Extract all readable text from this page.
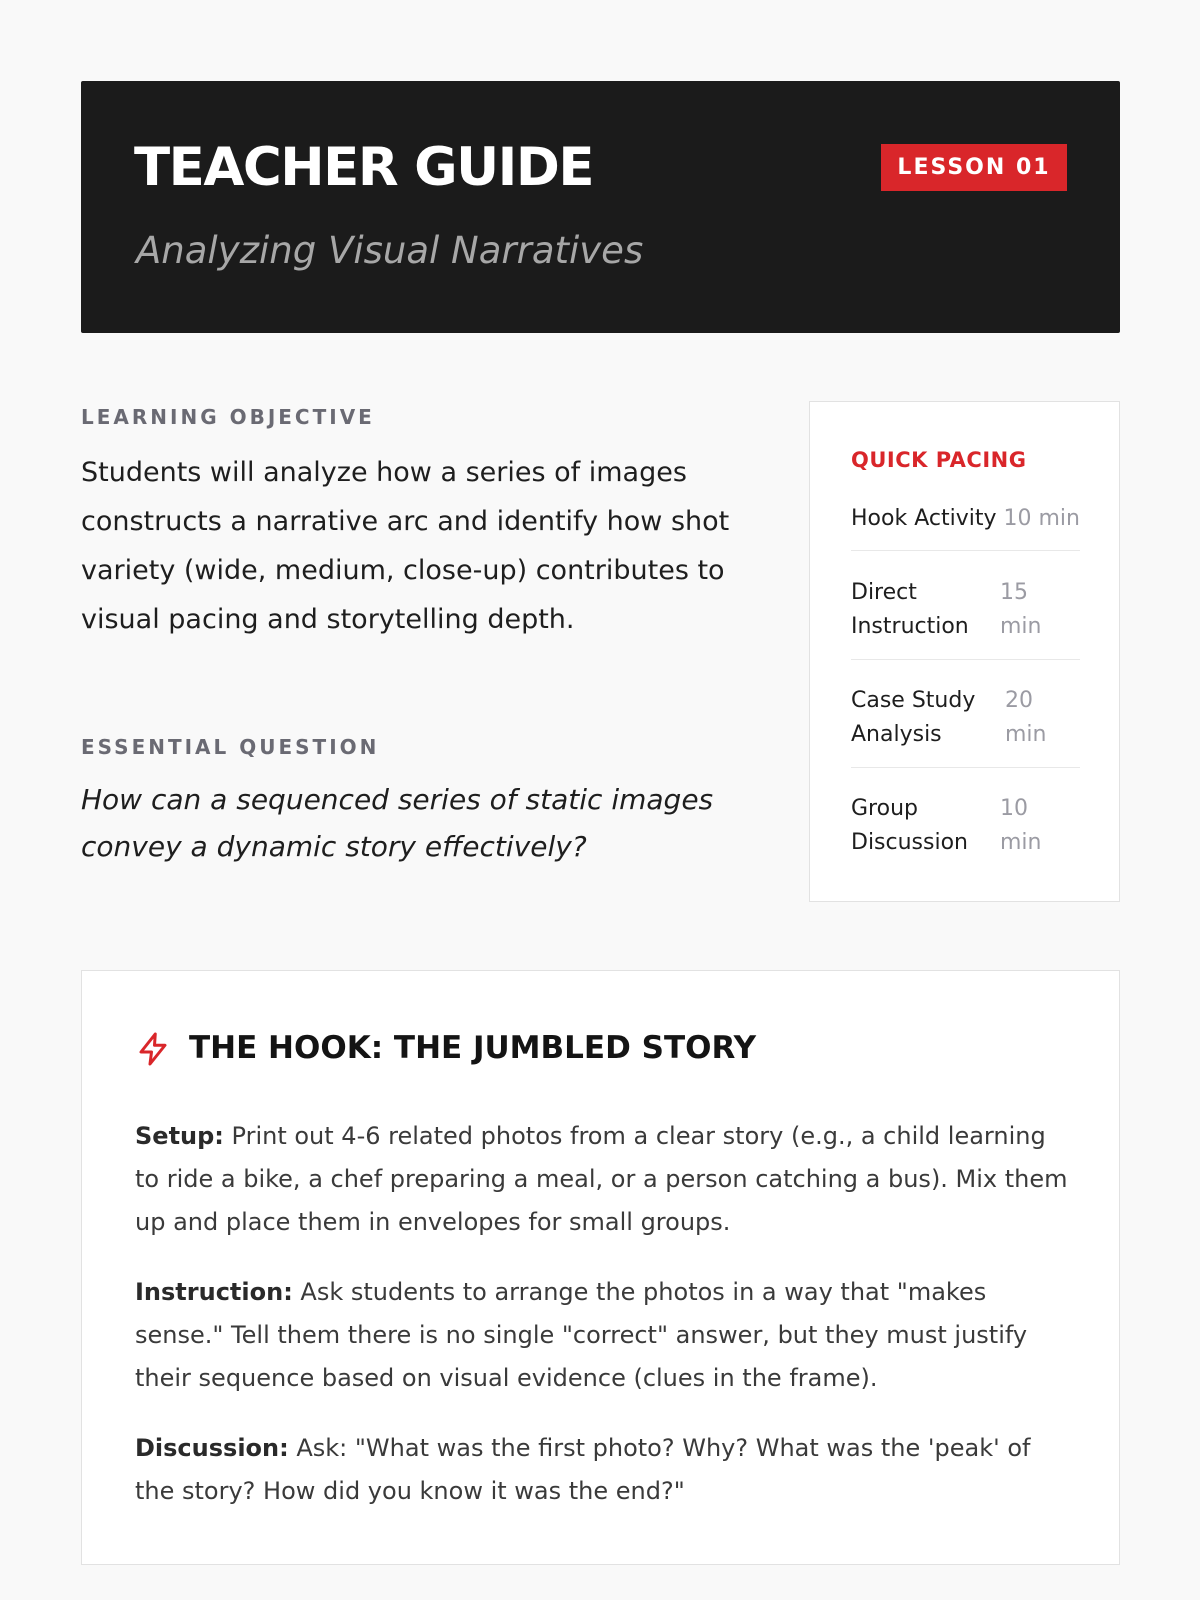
TEACHER GUIDE
Analyzing Visual Narratives
LESSON 01
LEARNING OBJECTIVE
Students will analyze how a series of images constructs a narrative arc and identify how shot variety (wide, medium, close-up) contributes to visual pacing and storytelling depth.
ESSENTIAL QUESTION
How can a sequenced series of static images convey a dynamic story effectively?
QUICK PACING
Hook Activity 10 min
Direct Instruction
15 min
Case Study Analysis
20 min
Group Discussion
10 min
THE HOOK: THE JUMBLED STORY

Setup: Print out 4-6 related photos from a clear story (e.g., a child learning to ride a bike, a chef preparing a meal, or a person catching a bus). Mix them up and place them in envelopes for small groups.

Instruction: Ask students to arrange the photos in a way that "makes sense." Tell them there is no single "correct" answer, but they must justify their sequence based on visual evidence (clues in the frame).

Discussion: Ask: "What was the first photo? Why? What was the 'peak' of the story? How did you know it was the end?"
